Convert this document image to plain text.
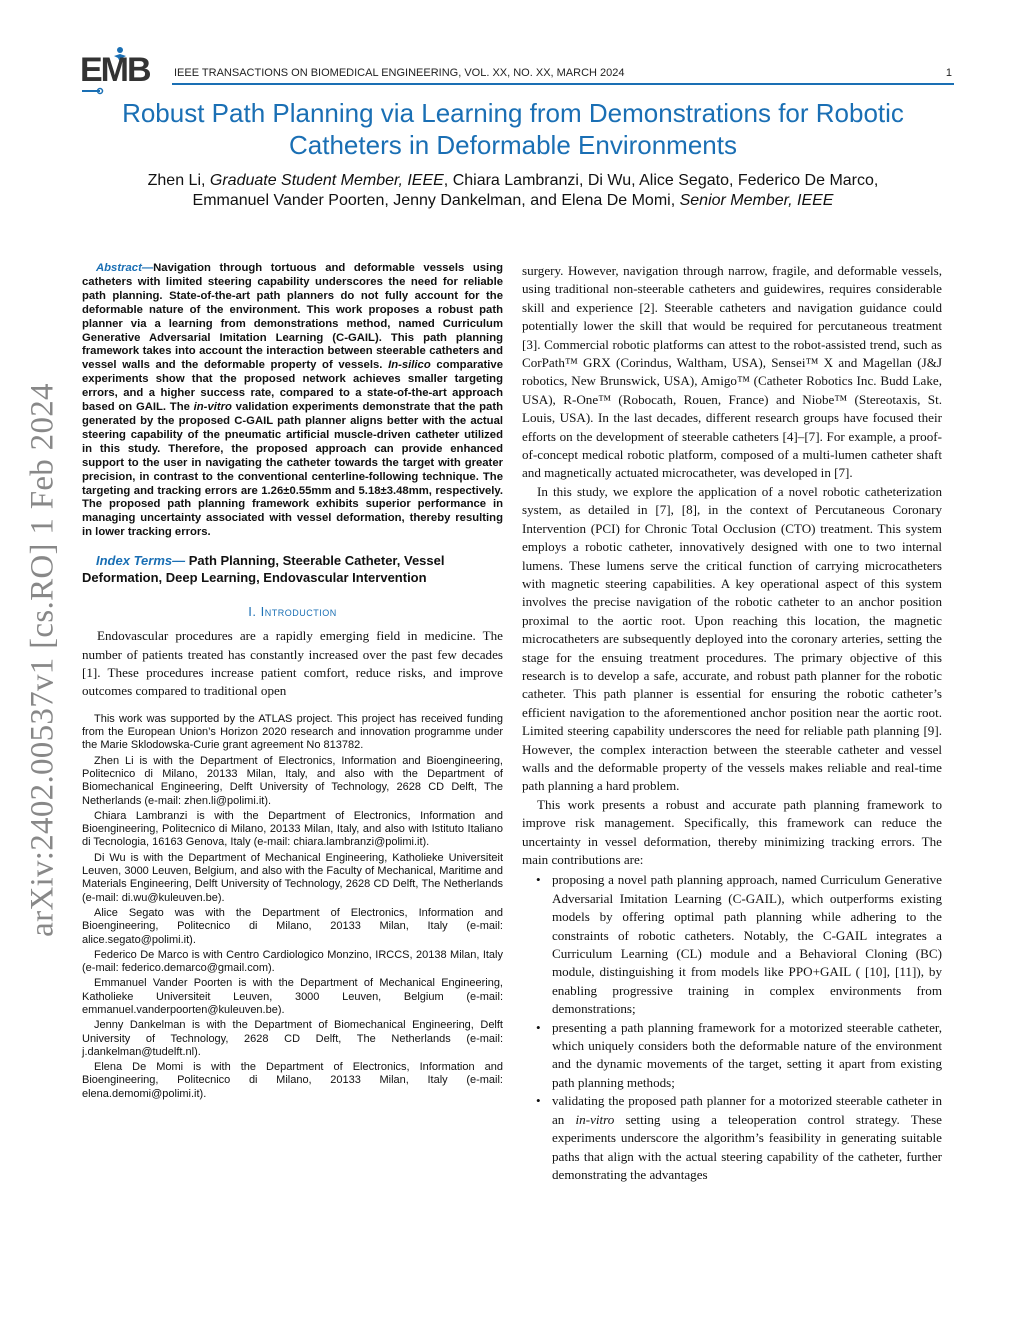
EMB IEEE TRANSACTIONS ON BIOMEDICAL ENGINEERING, VOL. XX, NO. XX, MARCH 2024	1
Robust Path Planning via Learning from Demonstrations for Robotic
Catheters in Deformable Environments
Zhen Li, Graduate Student Member, IEEE, Chiara Lambranzi, Di Wu, Alice Segato, Federico De Marco,
Emmanuel Vander Poorten, Jenny Dankelman, and Elena De Momi, Senior Member, IEEE
arXiv:2402.00537v1 [cs.RO] 1 Feb 2024

Abstract—Navigation through tortuous and deformable vessels using catheters with limited steering capability underscores the need for reliable path planning. State-of-the-art path planners do not fully account for the deformable nature of the environment. This work proposes a robust path planner via a learning from demonstrations method, named Curriculum Generative Adversarial Imitation Learning (C-GAIL). This path planning framework takes into account the interaction between steerable catheters and vessel walls and the deformable property of vessels. In-silico comparative experiments show that the proposed network achieves smaller targeting errors, and a higher success rate, compared to a state-of-the-art approach based on GAIL. The in-vitro validation experiments demonstrate that the path generated by the proposed C-GAIL path planner aligns better with the actual steering capability of the pneumatic artificial muscle-driven catheter utilized in this study. Therefore, the proposed approach can provide enhanced support to the user in navigating the catheter towards the target with greater precision, in contrast to the conventional centerline-following technique. The targeting and tracking errors are 1.26±0.55mm and 5.18±3.48mm, respectively. The proposed path planning framework exhibits superior performance in managing uncertainty associated with vessel deformation, thereby resulting in lower tracking errors.

Index Terms— Path Planning, Steerable Catheter, Vessel Deformation, Deep Learning, Endovascular Intervention
I. Introduction

Endovascular procedures are a rapidly emerging field in medicine. The number of patients treated has constantly increased over the past few decades [1]. These procedures increase patient comfort, reduce risks, and improve outcomes compared to traditional open

This work was supported by the ATLAS project. This project has received funding from the European Union’s Horizon 2020 research and innovation programme under the Marie Sklodowska-Curie grant agreement No 813782.

Zhen Li is with the Department of Electronics, Information and Bioengineering, Politecnico di Milano, 20133 Milan, Italy, and also with the Department of Biomechanical Engineering, Delft University of Technology, 2628 CD Delft, The Netherlands (e-mail: zhen.li@polimi.it).

Chiara Lambranzi is with the Department of Electronics, Information and Bioengineering, Politecnico di Milano, 20133 Milan, Italy, and also with Istituto Italiano di Tecnologia, 16163 Genova, Italy (e-mail: chiara.lambranzi@polimi.it).

Di Wu is with the Department of Mechanical Engineering, Katholieke Universiteit Leuven, 3000 Leuven, Belgium, and also with the Faculty of Mechanical, Maritime and Materials Engineering, Delft University of Technology, 2628 CD Delft, The Netherlands (e-mail: di.wu@kuleuven.be).

Alice Segato was with the Department of Electronics, Information and Bioengineering, Politecnico di Milano, 20133 Milan, Italy (e-mail: alice.segato@polimi.it).

Federico De Marco is with Centro Cardiologico Monzino, IRCCS, 20138 Milan, Italy (e-mail: federico.demarco@gmail.com).

Emmanuel Vander Poorten is with the Department of Mechanical Engineering, Katholieke Universiteit Leuven, 3000 Leuven, Belgium (e-mail: emmanuel.vanderpoorten@kuleuven.be).

Jenny Dankelman is with the Department of Biomechanical Engineering, Delft University of Technology, 2628 CD Delft, The Netherlands (e-mail: j.dankelman@tudelft.nl).

Elena De Momi is with the Department of Electronics, Information and Bioengineering, Politecnico di Milano, 20133 Milan, Italy (e-mail: elena.demomi@polimi.it).

surgery. However, navigation through narrow, fragile, and deformable vessels, using traditional non-steerable catheters and guidewires, requires considerable skill and experience [2]. Steerable catheters and navigation guidance could potentially lower the skill that would be required for percutaneous treatment [3]. Commercial robotic platforms can attest to the robot-assisted trend, such as CorPath™ GRX (Corindus, Waltham, USA), Sensei™ X and Magellan (J&J robotics, New Brunswick, USA), Amigo™ (Catheter Robotics Inc. Budd Lake, USA), R-One™ (Robocath, Rouen, France) and Niobe™ (Stereotaxis, St. Louis, USA). In the last decades, different research groups have focused their efforts on the development of steerable catheters [4]–[7]. For example, a proof-of-concept medical robotic platform, composed of a multi-lumen catheter shaft and magnetically actuated microcatheter, was developed in [7].

In this study, we explore the application of a novel robotic catheterization system, as detailed in [7], [8], in the context of Percutaneous Coronary Intervention (PCI) for Chronic Total Occlusion (CTO) treatment. This system employs a robotic catheter, innovatively designed with one to two internal lumens. These lumens serve the critical function of carrying microcatheters with magnetic steering capabilities. A key operational aspect of this system involves the precise navigation of the robotic catheter to an anchor position proximal to the aortic root. Upon reaching this location, the magnetic microcatheters are subsequently deployed into the coronary arteries, setting the stage for the ensuing treatment procedures. The primary objective of this research is to develop a safe, accurate, and robust path planner for the robotic catheter. This path planner is essential for ensuring the robotic catheter’s efficient navigation to the aforementioned anchor position near the aortic root. Limited steering capability underscores the need for reliable path planning [9]. However, the complex interaction between the steerable catheter and vessel walls and the deformable property of the vessels makes reliable and real-time path planning a hard problem.

This work presents a robust and accurate path planning framework to improve risk management. Specifically, this framework can reduce the uncertainty in vessel deformation, thereby minimizing tracking errors. The main contributions are:

• proposing a novel path planning approach, named Curriculum Generative Adversarial Imitation Learning (C-GAIL), which outperforms existing models by offering optimal path planning while adhering to the constraints of robotic catheters. Notably, the C-GAIL integrates a Curriculum Learning (CL) module and a Behavioral Cloning (BC) module, distinguishing it from models like PPO+GAIL ( [10], [11]), by enabling progressive training in complex environments from demonstrations;
• presenting a path planning framework for a motorized steerable catheter, which uniquely considers both the deformable nature of the environment and the dynamic movements of the target, setting it apart from existing path planning methods;
• validating the proposed path planner for a motorized steerable catheter in an in-vitro setting using a teleoperation control strategy. These experiments underscore the algorithm’s feasibility in generating suitable paths that align with the actual steering capability of the catheter, further demonstrating the advantages
